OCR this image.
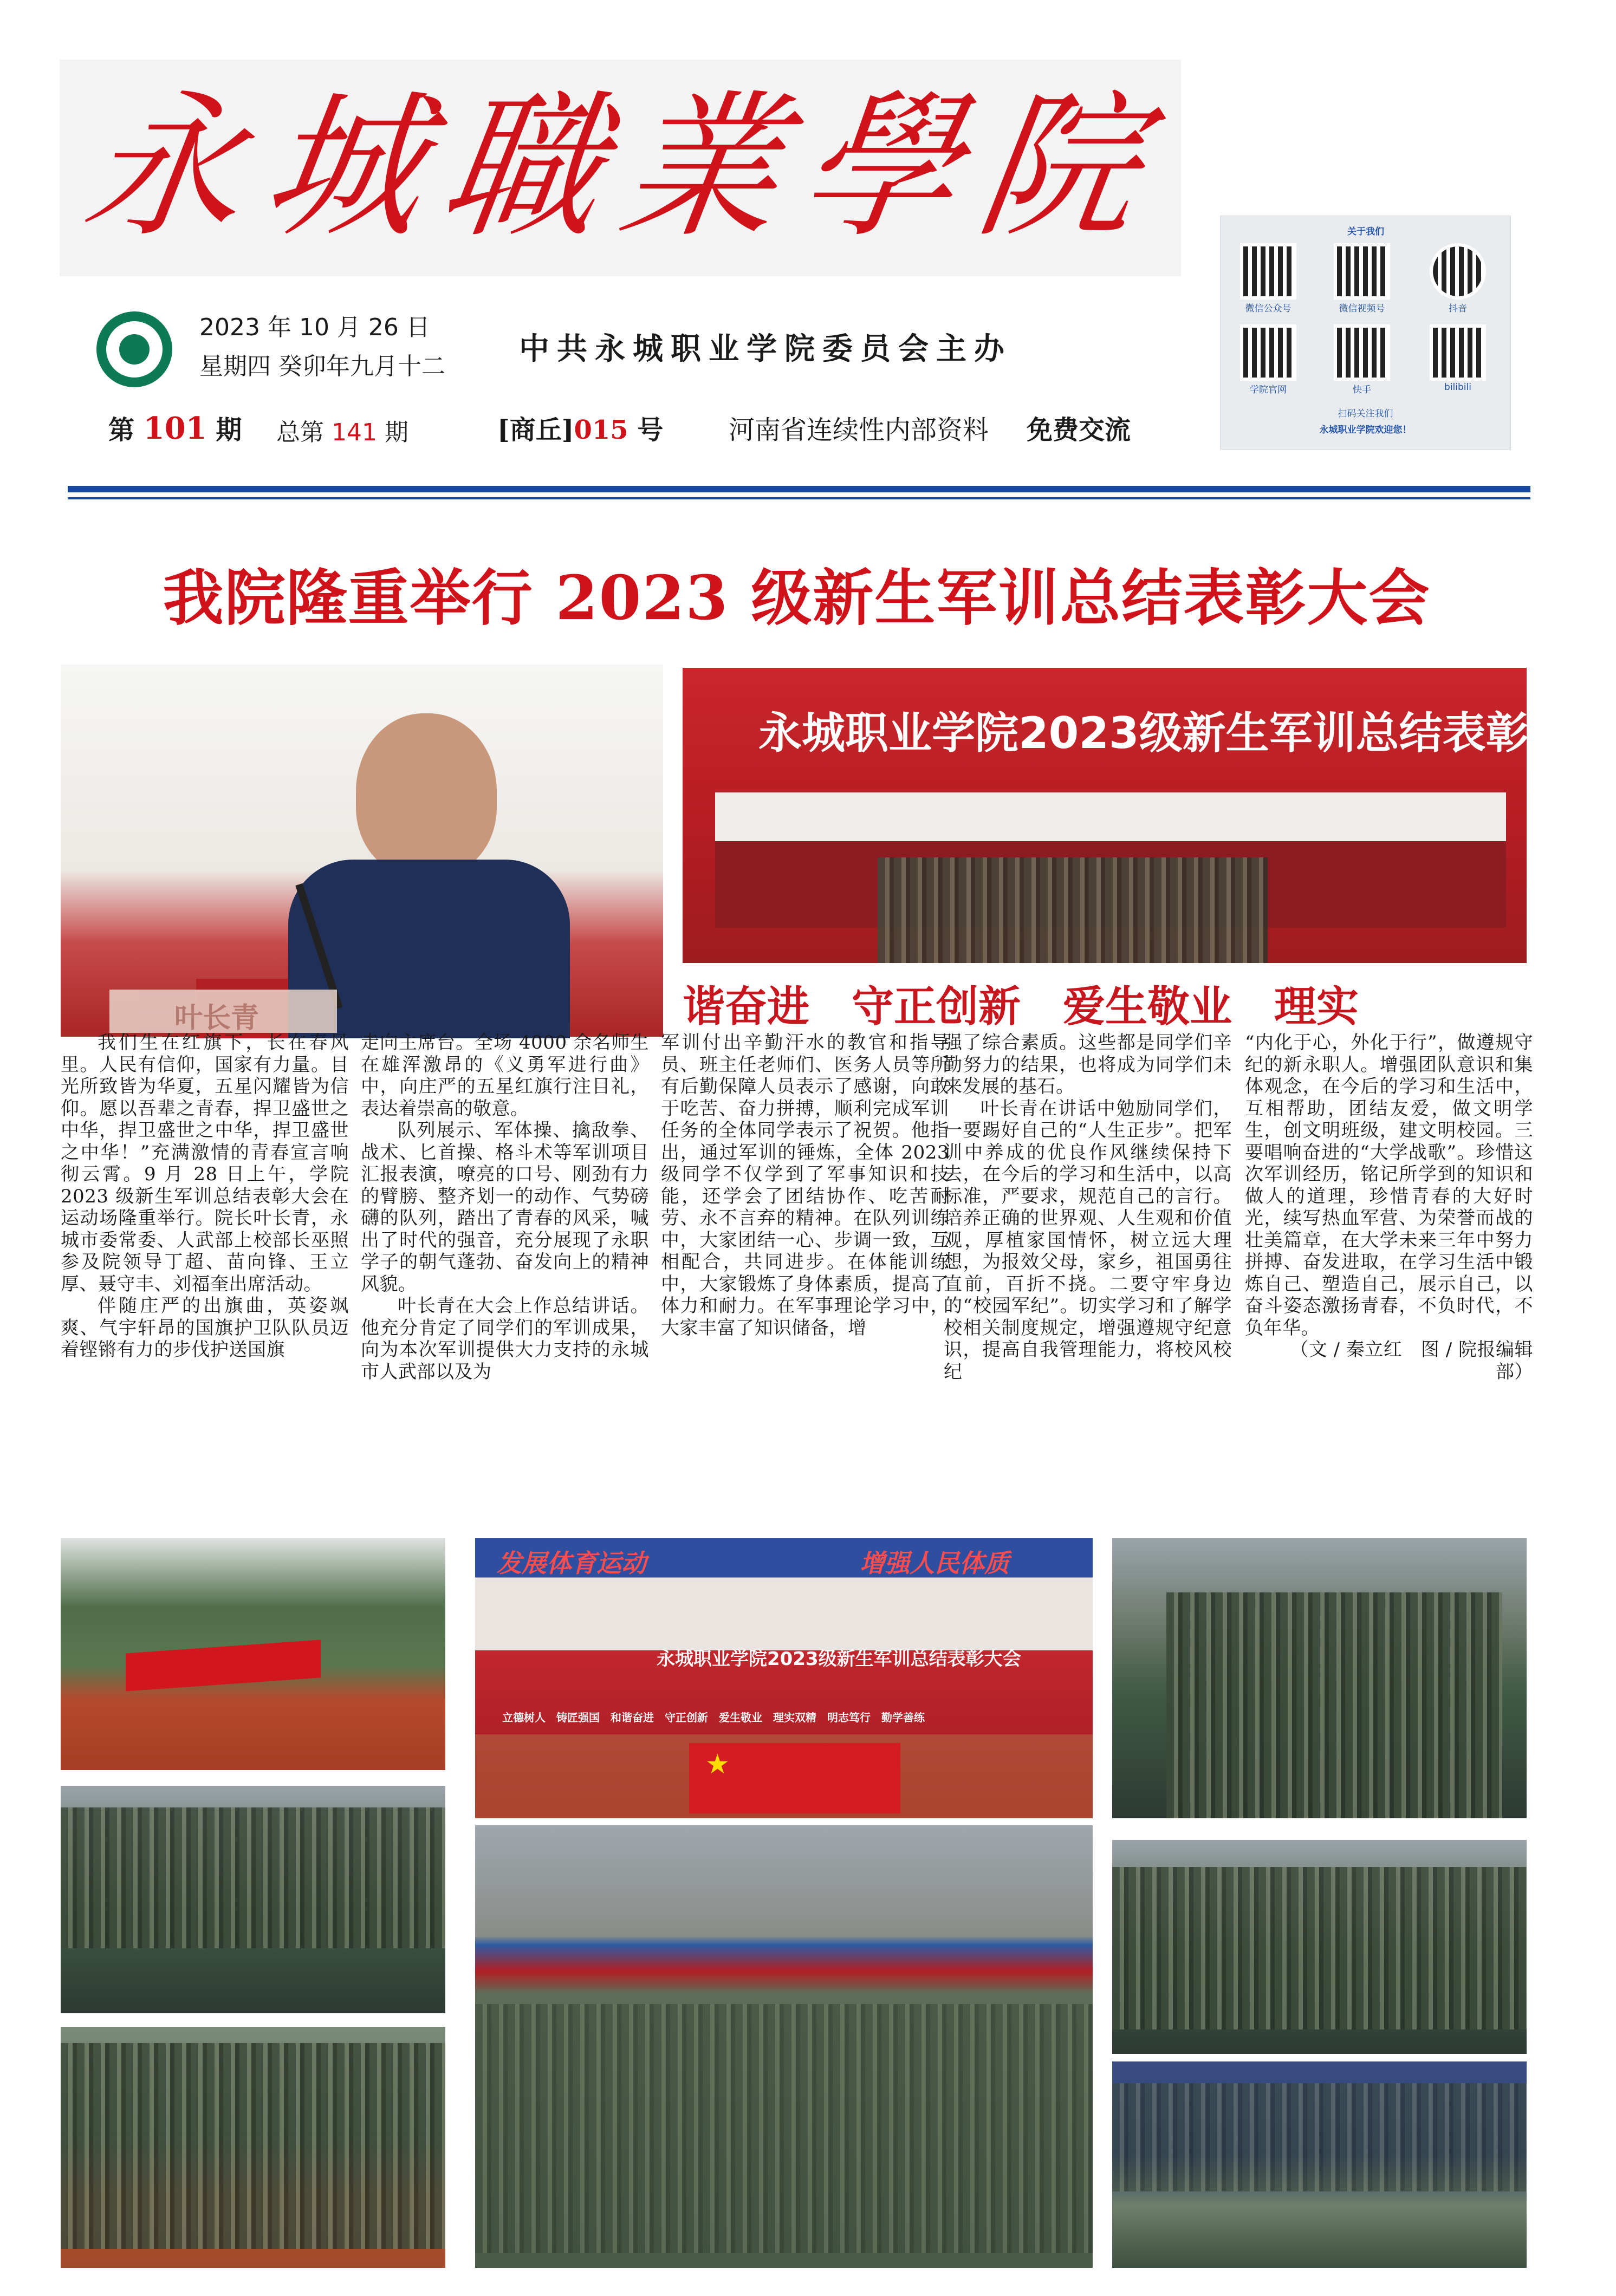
永城職業學院
2023 年 10 月 26 日
星期四 癸卯年九月十二 中共永城职业学院委员会主办
第 101 期 总第 141 期	[商丘]015 号	河南省连续性内部资料 免费交流
关于我们
微信公众号	微信视频号	抖音
学院官网	快手	bilibili
扫码关注我们
永城职业学院欢迎您！
我院隆重举行 2023 级新生军训总结表彰大会
叶长青
永城职业学院2023级新生军训总结表彰大会
谐奋进　守正创新　爱生敬业　理实

我们生在红旗下，长在春风里。人民有信仰，国家有力量。目光所致皆为华夏，五星闪耀皆为信仰。愿以吾辈之青春，捍卫盛世之中华，捍卫盛世之中华，捍卫盛世之中华！”充满激情的青春宣言响彻云霄。9 月 28 日上午，学院 2023 级新生军训总结表彰大会在运动场隆重举行。院长叶长青，永城市委常委、人武部上校部长巫照参及院领导丁超、苗向锋、王立厚、聂守丰、刘福奎出席活动。

伴随庄严的出旗曲，英姿飒爽、气宇轩昂的国旗护卫队队员迈着铿锵有力的步伐护送国旗

走向主席台。全场 4000 余名师生在雄浑激昂的《义勇军进行曲》中，向庄严的五星红旗行注目礼，表达着崇高的敬意。

队列展示、军体操、擒敌拳、战术、匕首操、格斗术等军训项目汇报表演，嘹亮的口号、刚劲有力的臂膀、整齐划一的动作、气势磅礴的队列，踏出了青春的风采，喊出了时代的强音，充分展现了永职学子的朝气蓬勃、奋发向上的精神风貌。

叶长青在大会上作总结讲话。他充分肯定了同学们的军训成果，向为本次军训提供大力支持的永城市人武部以及为

军训付出辛勤汗水的教官和指导员、班主任老师们、医务人员等所有后勤保障人员表示了感谢，向敢于吃苦、奋力拼搏，顺利完成军训任务的全体同学表示了祝贺。他指出，通过军训的锤炼，全体 2023 级同学不仅学到了军事知识和技能，还学会了团结协作、吃苦耐劳、永不言弃的精神。在队列训练中，大家团结一心、步调一致，互相配合，共同进步。在体能训练中，大家锻炼了身体素质，提高了体力和耐力。在军事理论学习中，大家丰富了知识储备，增

强了综合素质。这些都是同学们辛勤努力的结果，也将成为同学们未来发展的基石。

叶长青在讲话中勉励同学们，一要踢好自己的“人生正步”。把军训中养成的优良作风继续保持下去，在今后的学习和生活中，以高标准，严要求，规范自己的言行。培养正确的世界观、人生观和价值观，厚植家国情怀，树立远大理想，为报效父母，家乡，祖国勇往直前，百折不挠。二要守牢身边的“校园军纪”。切实学习和了解学校相关制度规定，增强遵规守纪意识，提高自我管理能力，将校风校纪

“内化于心，外化于行”，做遵规守纪的新永职人。增强团队意识和集体观念，在今后的学习和生活中，互相帮助，团结友爱，做文明学生，创文明班级，建文明校园。三要唱响奋进的“大学战歌”。珍惜这次军训经历，铭记所学到的知识和做人的道理，珍惜青春的大好时光，续写热血军营、为荣誉而战的壮美篇章，在大学未来三年中努力拼搏、奋发进取，在学习生活中锻炼自己、塑造自己，展示自己，以奋斗姿态激扬青春，不负时代，不负年华。

（文 / 秦立红　图 / 院报编辑部）

发展体育运动	增强人民体质
永城职业学院2023级新生军训总结表彰大会
立德树人　铸匠强国　和谐奋进　守正创新　爱生敬业　理实双精　明志笃行　勤学善练
★
